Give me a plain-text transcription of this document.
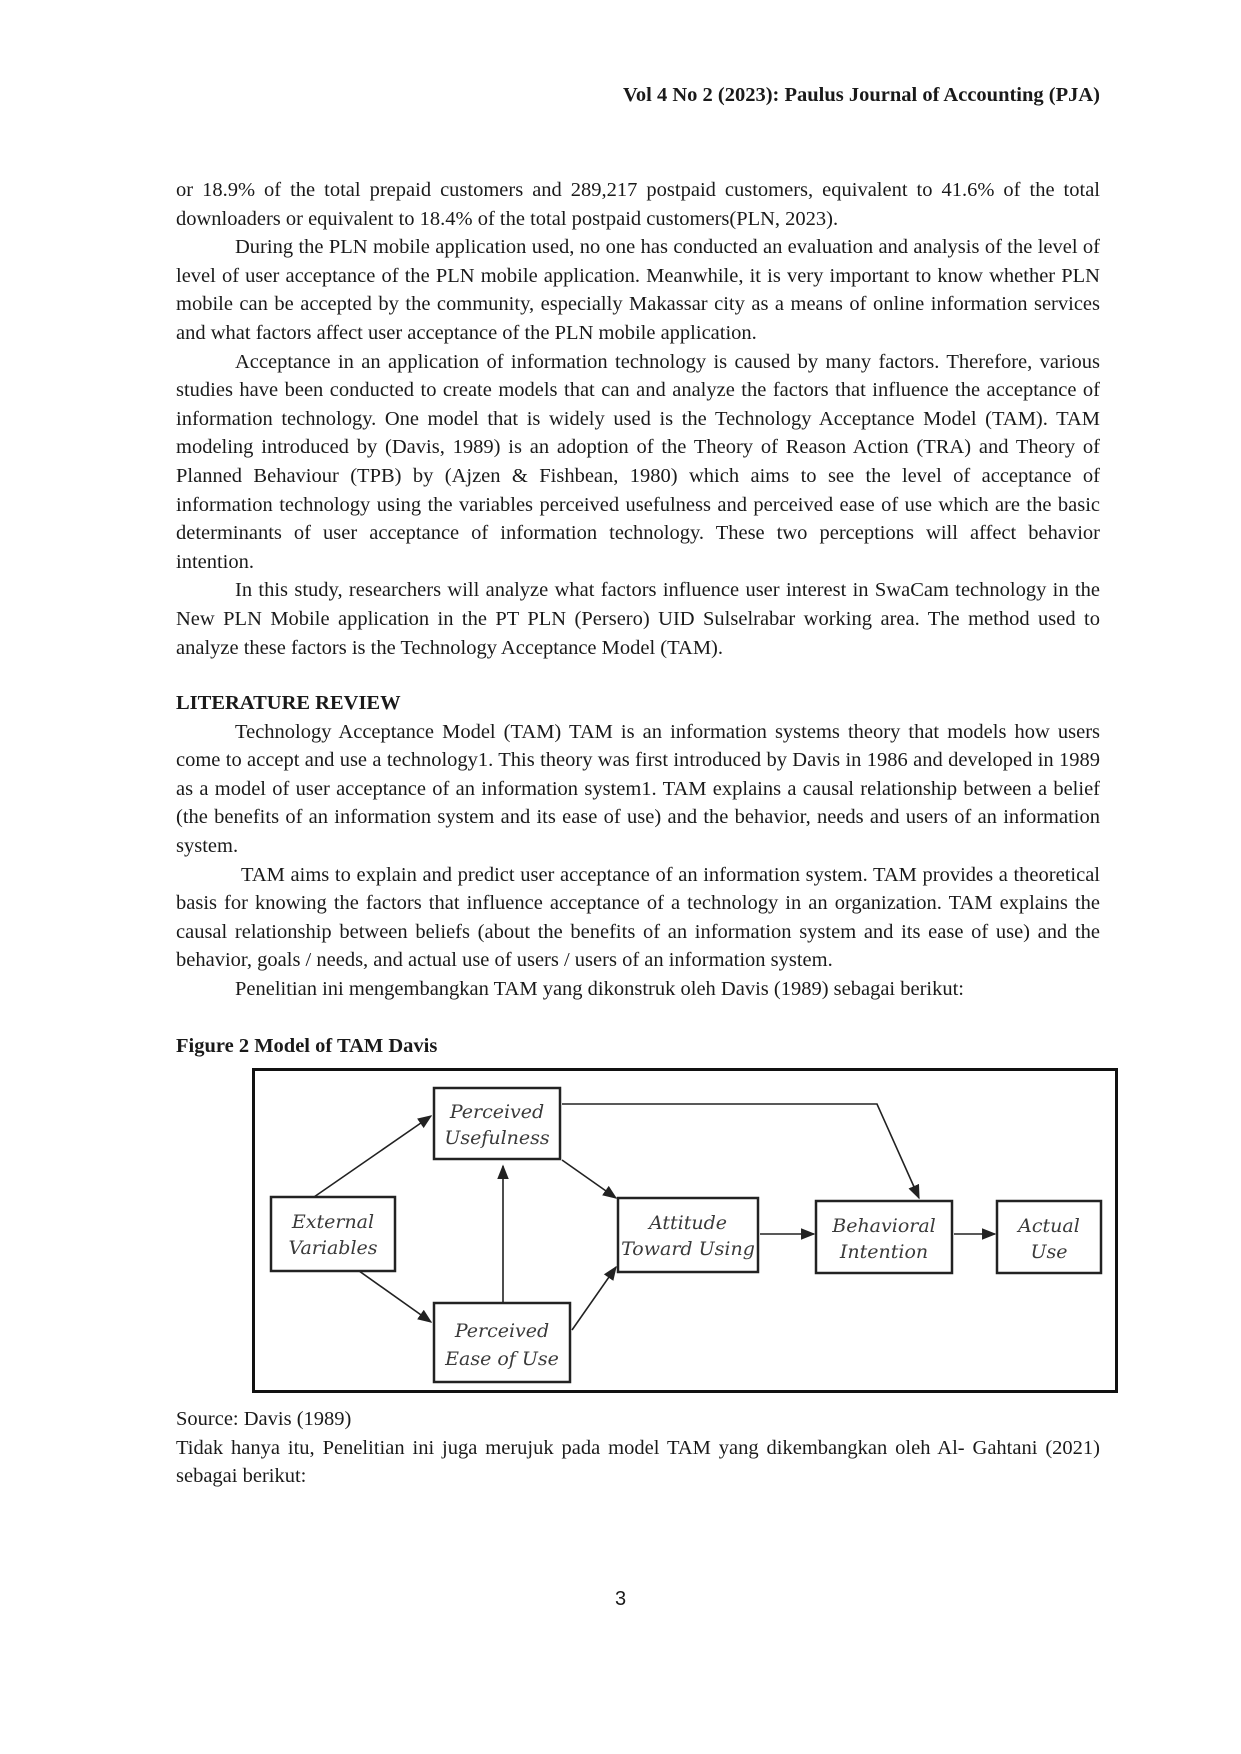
Vol 4 No 2 (2023): Paulus Journal of Accounting (PJA)

or 18.9% of the total prepaid customers and 289,217 postpaid customers, equivalent to 41.6% of the total downloaders or equivalent to 18.4% of the total postpaid customers(PLN, 2023).

During the PLN mobile application used, no one has conducted an evaluation and analysis of the level of level of user acceptance of the PLN mobile application. Meanwhile, it is very important to know whether PLN mobile can be accepted by the community, especially Makassar city as a means of online information services and what factors affect user acceptance of the PLN mobile application.

Acceptance in an application of information technology is caused by many factors. Therefore, various studies have been conducted to create models that can and analyze the factors that influence the acceptance of information technology. One model that is widely used is the Technology Acceptance Model (TAM). TAM modeling introduced by (Davis, 1989) is an adoption of the Theory of Reason Action (TRA) and Theory of Planned Behaviour (TPB) by (Ajzen & Fishbean, 1980) which aims to see the level of acceptance of information technology using the variables perceived usefulness and perceived ease of use which are the basic determinants of user acceptance of information technology. These two perceptions will affect behavior intention.

In this study, researchers will analyze what factors influence user interest in SwaCam technology in the New PLN Mobile application in the PT PLN (Persero) UID Sulselrabar working area. The method used to analyze these factors is the Technology Acceptance Model (TAM).

LITERATURE REVIEW

Technology Acceptance Model (TAM) TAM is an information systems theory that models how users come to accept and use a technology1. This theory was first introduced by Davis in 1986 and developed in 1989 as a model of user acceptance of an information system1. TAM explains a causal relationship between a belief (the benefits of an information system and its ease of use) and the behavior, needs and users of an information system.

TAM aims to explain and predict user acceptance of an information system. TAM provides a theoretical basis for knowing the factors that influence acceptance of a technology in an organization. TAM explains the causal relationship between beliefs (about the benefits of an information system and its ease of use) and the behavior, goals / needs, and actual use of users / users of an information system.

Penelitian ini mengembangkan TAM yang dikonstruk oleh Davis (1989) sebagai berikut:

Figure 2 Model of TAM Davis

External
Variables
Perceived
Usefulness
Perceived
Ease of Use
Attitude
Toward Using
Behavioral
Intention
Actual
Use

Source: Davis (1989)

Tidak hanya itu, Penelitian ini juga merujuk pada model TAM yang dikembangkan oleh Al- Gahtani (2021) sebagai berikut:

3
